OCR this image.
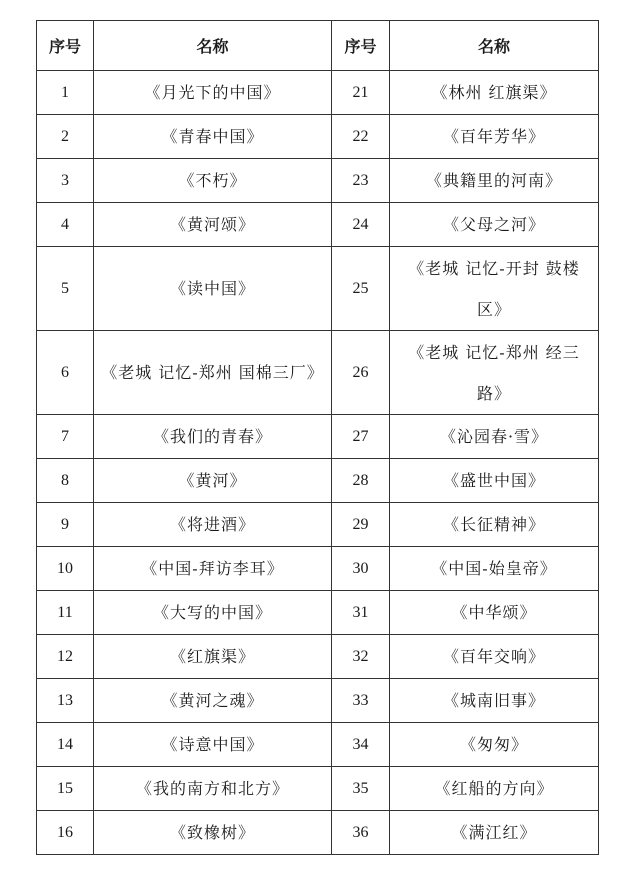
序号	名称	序号	名称
1	《月光下的中国》	21	《林州 红旗渠》
2	《青春中国》	22	《百年芳华》
3	《不朽》	23	《典籍里的河南》
4	《黄河颂》	24	《父母之河》
5	《读中国》	25	《老城 记忆-开封 鼓楼区》
6	《老城 记忆-郑州 国棉三厂》	26	《老城 记忆-郑州 经三路》
7	《我们的青春》	27	《沁园春·雪》
8	《黄河》	28	《盛世中国》
9	《将进酒》	29	《长征精神》
10	《中国-拜访李耳》	30	《中国-始皇帝》
11	《大写的中国》	31	《中华颂》
12	《红旗渠》	32	《百年交响》
13	《黄河之魂》	33	《城南旧事》
14	《诗意中国》	34	《匆匆》
15	《我的南方和北方》	35	《红船的方向》
16	《致橡树》	36	《满江红》
